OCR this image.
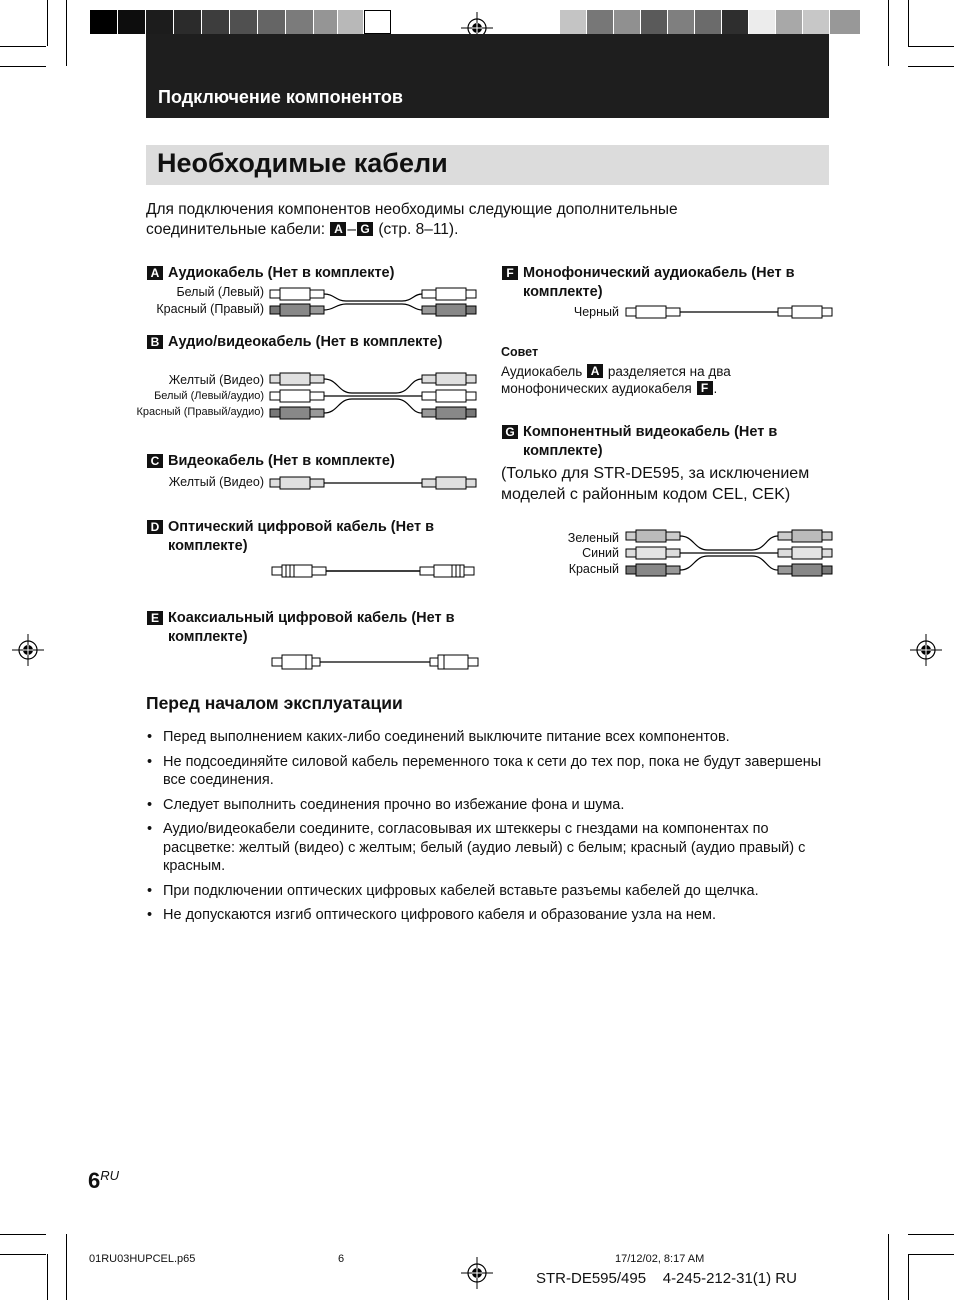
Подключение компонентов
Необходимые кабели
Для подключения компонентов необходимы следующие дополнительные
соединительные кабели: A – G (стр. 8–11).
A Аудиокабель (Нет в комплекте)
Белый (Левый)
Красный (Правый)
B Аудио/видеокабель (Нет в комплекте)
Желтый (Видео)
Белый (Левый/аудио)
Красный (Правый/аудио)
C Видеокабель (Нет в комплекте)
Желтый (Видео)
D Оптический цифровой кабель (Нет в комплекте)
E Коаксиальный цифровой кабель (Нет в комплекте)
F Монофонический аудиокабель (Нет в комплекте)
Черный
Совет
Аудиокабель A разделяется на два монофонических аудиокабеля F .
G Компонентный видеокабель (Нет в комплекте)
(Только для STR-DE595, за исключением моделей с районным кодом CEL, CEK)
Зеленый
Синий
Красный
Перед началом эксплуатации
• Перед выполнением каких-либо соединений выключите питание всех компонентов.
• Не подсоединяйте силовой кабель переменного тока к сети до тех пор, пока не будут завершены все соединения.
• Следует выполнить соединения прочно во избежание фона и шума.
• Аудио/видеокабели соедините, согласовывая их штеккеры с гнездами на компонентах по расцветке: желтый (видео) с желтым; белый (аудио левый) с белым; красный (аудио правый) с красным.
• При подключении оптических цифровых кабелей вставьте разъемы кабелей до щелчка.
• Не допускаются изгиб оптического цифрового кабеля и образование узла на нем.
$6^{RU}$
01RU03HUPCEL.p65	6	17/12/02, 8:17 AM
STR-DE595/495    4-245-212-31(1) RU
